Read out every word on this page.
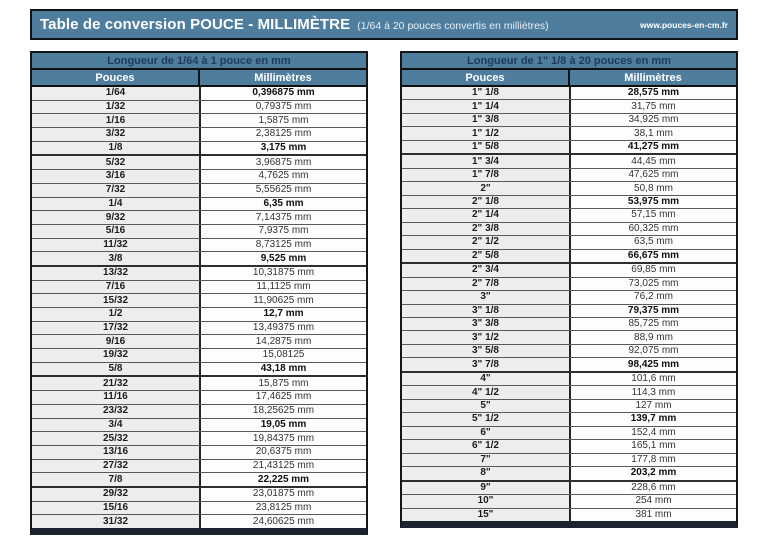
Table de conversion POUCE - MILLIMÈTRE (1/64 à 20 pouces convertis en milliètres)	www.pouces-en-cm.fr
Longueur de 1/64 à 1 pouce en mm
Pouces	Millimètres
1/64	0,396875 mm
1/32	0,79375 mm
1/16	1,5875 mm
3/32	2,38125 mm
1/8	3,175 mm
5/32	3,96875 mm
3/16	4,7625 mm
7/32	5,55625 mm
1/4	6,35 mm
9/32	7,14375 mm
5/16	7,9375 mm
11/32	8,73125 mm
3/8	9,525 mm
13/32	10,31875 mm
7/16	11,1125 mm
15/32	11,90625 mm
1/2	12,7 mm
17/32	13,49375 mm
9/16	14,2875 mm
19/32	15,08125
5/8	43,18 mm
21/32	15,875 mm
11/16	17,4625 mm
23/32	18,25625 mm
3/4	19,05 mm
25/32	19,84375 mm
13/16	20,6375 mm
27/32	21,43125 mm
7/8	22,225 mm
29/32	23,01875 mm
15/16	23,8125 mm
31/32	24,60625 mm
Longueur de 1" 1/8 à 20 pouces en mm
Pouces	Millimètres
1" 1/8	28,575 mm
1" 1/4	31,75 mm
1" 3/8	34,925 mm
1" 1/2	38,1 mm
1" 5/8	41,275 mm
1" 3/4	44,45 mm
1" 7/8	47,625 mm
2"	50,8 mm
2" 1/8	53,975 mm
2" 1/4	57,15 mm
2" 3/8	60,325 mm
2" 1/2	63,5 mm
2" 5/8	66,675 mm
2" 3/4	69,85 mm
2" 7/8	73,025 mm
3"	76,2 mm
3" 1/8	79,375 mm
3" 3/8	85,725 mm
3" 1/2	88,9 mm
3" 5/8	92,075 mm
3" 7/8	98,425 mm
4"	101,6 mm
4" 1/2	114,3 mm
5"	127 mm
5" 1/2	139,7 mm
6"	152,4 mm
6" 1/2	165,1 mm
7"	177,8 mm
8"	203,2 mm
9"	228,6 mm
10"	254 mm
15"	381 mm
